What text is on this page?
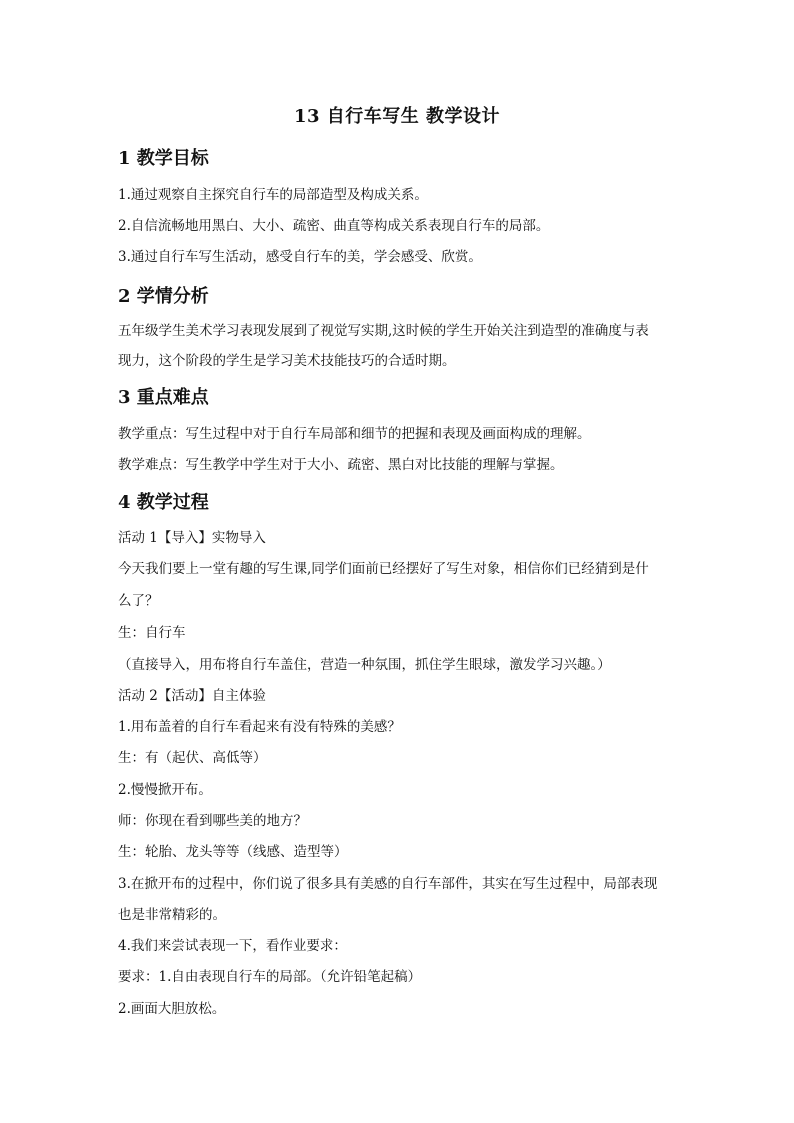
13 自行车写生 教学设计
1 教学目标
1.通过观察自主探究自行车的局部造型及构成关系。
2.自信流畅地用黑白、大小、疏密、曲直等构成关系表现自行车的局部。
3.通过自行车写生活动，感受自行车的美，学会感受、欣赏。
2 学情分析
五年级学生美术学习表现发展到了视觉写实期,这时候的学生开始关注到造型的准确度与表
现力，这个阶段的学生是学习美术技能技巧的合适时期。
3 重点难点
教学重点：写生过程中对于自行车局部和细节的把握和表现及画面构成的理解。
教学难点：写生教学中学生对于大小、疏密、黑白对比技能的理解与掌握。
4 教学过程
活动 1【导入】实物导入
今天我们要上一堂有趣的写生课,同学们面前已经摆好了写生对象，相信你们已经猜到是什
么了？
生：自行车
（直接导入，用布将自行车盖住，营造一种氛围，抓住学生眼球，激发学习兴趣。）
活动 2【活动】自主体验
1.用布盖着的自行车看起来有没有特殊的美感？
生：有（起伏、高低等）
2.慢慢掀开布。
师：你现在看到哪些美的地方？
生：轮胎、龙头等等（线感、造型等）
3.在掀开布的过程中，你们说了很多具有美感的自行车部件，其实在写生过程中，局部表现
也是非常精彩的。
4.我们来尝试表现一下，看作业要求：
要求：1.自由表现自行车的局部。（允许铅笔起稿）
2.画面大胆放松。
